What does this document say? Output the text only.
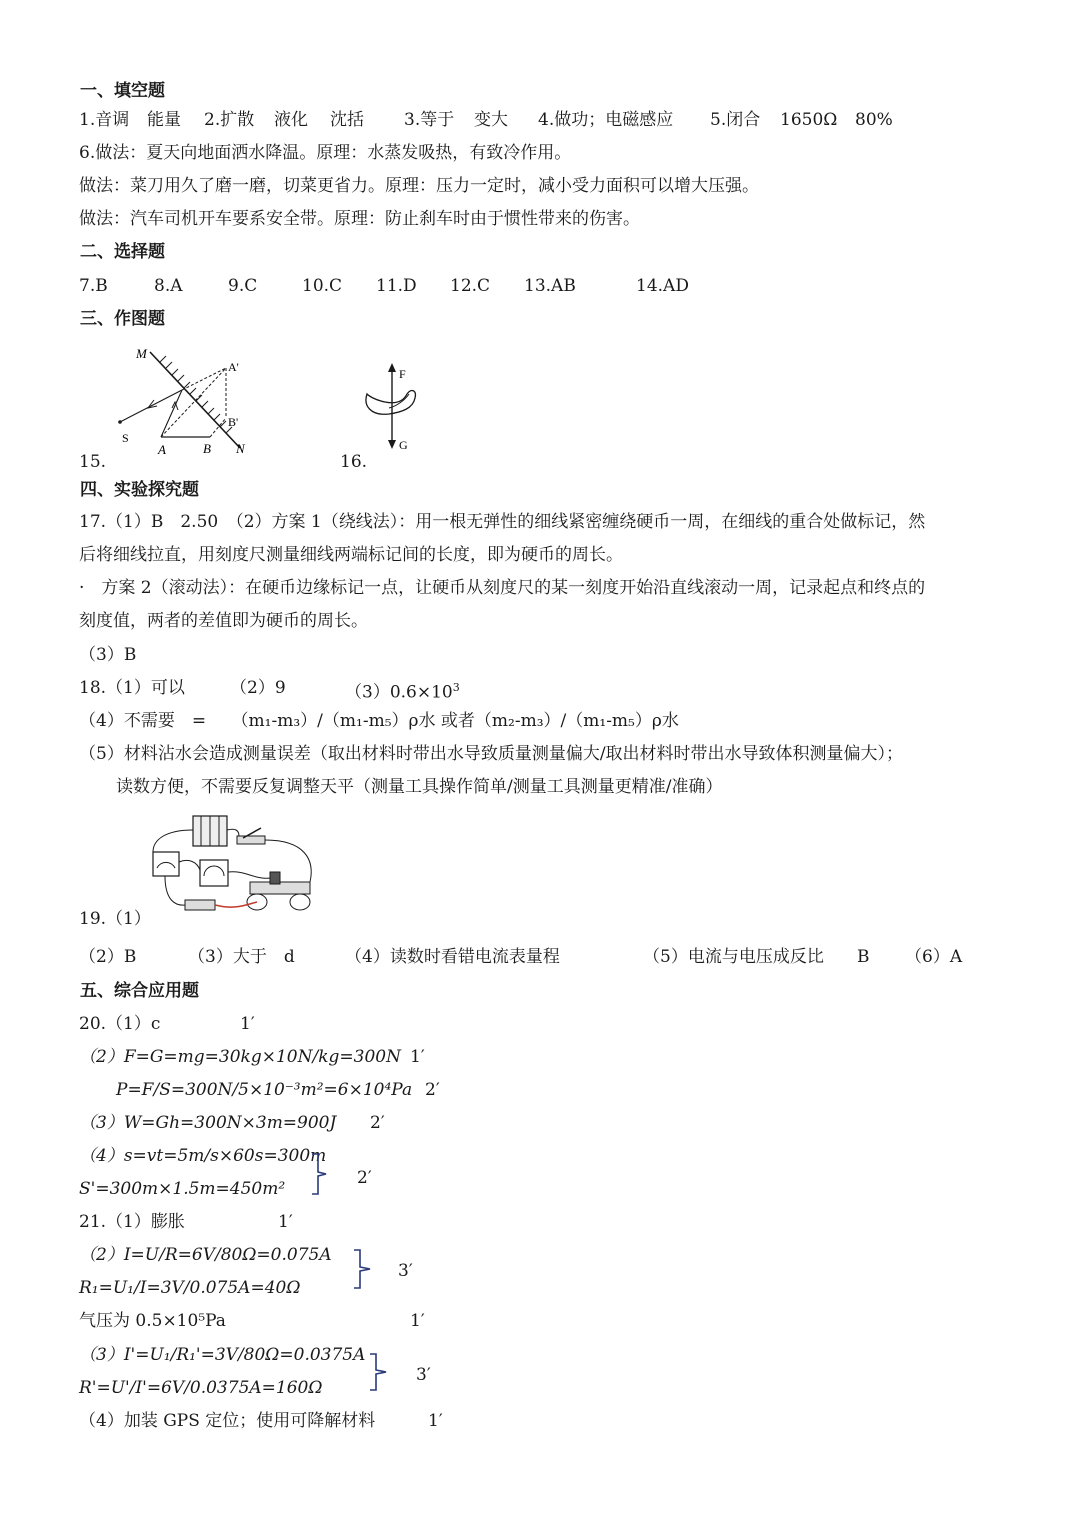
一、填空题
1.音调 能量 2.扩散 液化 沈括 3.等于 变大 4.做功；电磁感应 5.闭合 1650Ω 80%
6.做法：夏天向地面洒水降温。原理：水蒸发吸热，有致冷作用。
做法：菜刀用久了磨一磨，切菜更省力。原理：压力一定时，减小受力面积可以增大压强。
做法：汽车司机开车要系安全带。原理：防止刹车时由于惯性带来的伤害。
二、选择题
7.B	8.A	9.C	10.C 11.D 12.C 13.AB	14.AD
三、作图题
M
A'
B'
S
A	B N
15.
F
G
16.
四、实验探究题
17.（1）B　2.50　（2）方案 1（绕线法）：用一根无弹性的细线紧密缠绕硬币一周，在细线的重合处做标记，然
后将细线拉直，用刻度尺测量细线两端标记间的长度，即为硬币的周长。
·　方案 2（滚动法）：在硬币边缘标记一点，让硬币从刻度尺的某一刻度开始沿直线滚动一周，记录起点和终点的
刻度值，两者的差值即为硬币的周长。
（3）B
18.（1）可以	（2）9	$(3)0.6\times 10^3$
（4）不需要　=　　（m₁-m₃）/（m₁-m₅）ρ水 或者（m₂-m₃）/（m₁-m₅）ρ水
（5）材料沾水会造成测量误差（取出材料时带出水导致质量测量偏大/取出材料时带出水导致体积测量偏大）；
读数方便，不需要反复调整天平（测量工具操作简单/测量工具测量更精准/准确）
19.（1）
（2）B	（3）大于　d	（4）读数时看错电流表量程	（5）电流与电压成反比 B （6）A
五、综合应用题
20.（1）c	1′
（2）F=G=mg=30kg×10N/kg=300N 1′
P=F/S=300N/5×10⁻³m²=6×10⁴Pa 2′
（3）W=Gh=300N×3m=900J 2′
（4）s=vt=5m/s×60s=300m
S'=300m×1.5m=450m²
2′
21.（1）膨胀	1′
（2）I=U/R=6V/80Ω=0.075A
R₁=U₁/I=3V/0.075A=40Ω
3′
气压为 0.5×10⁵Pa	1′
（3）I'=U₁/R₁'=3V/80Ω=0.0375A
R'=U'/I'=6V/0.0375A=160Ω
3′
（4）加装 GPS 定位；使用可降解材料	1′
